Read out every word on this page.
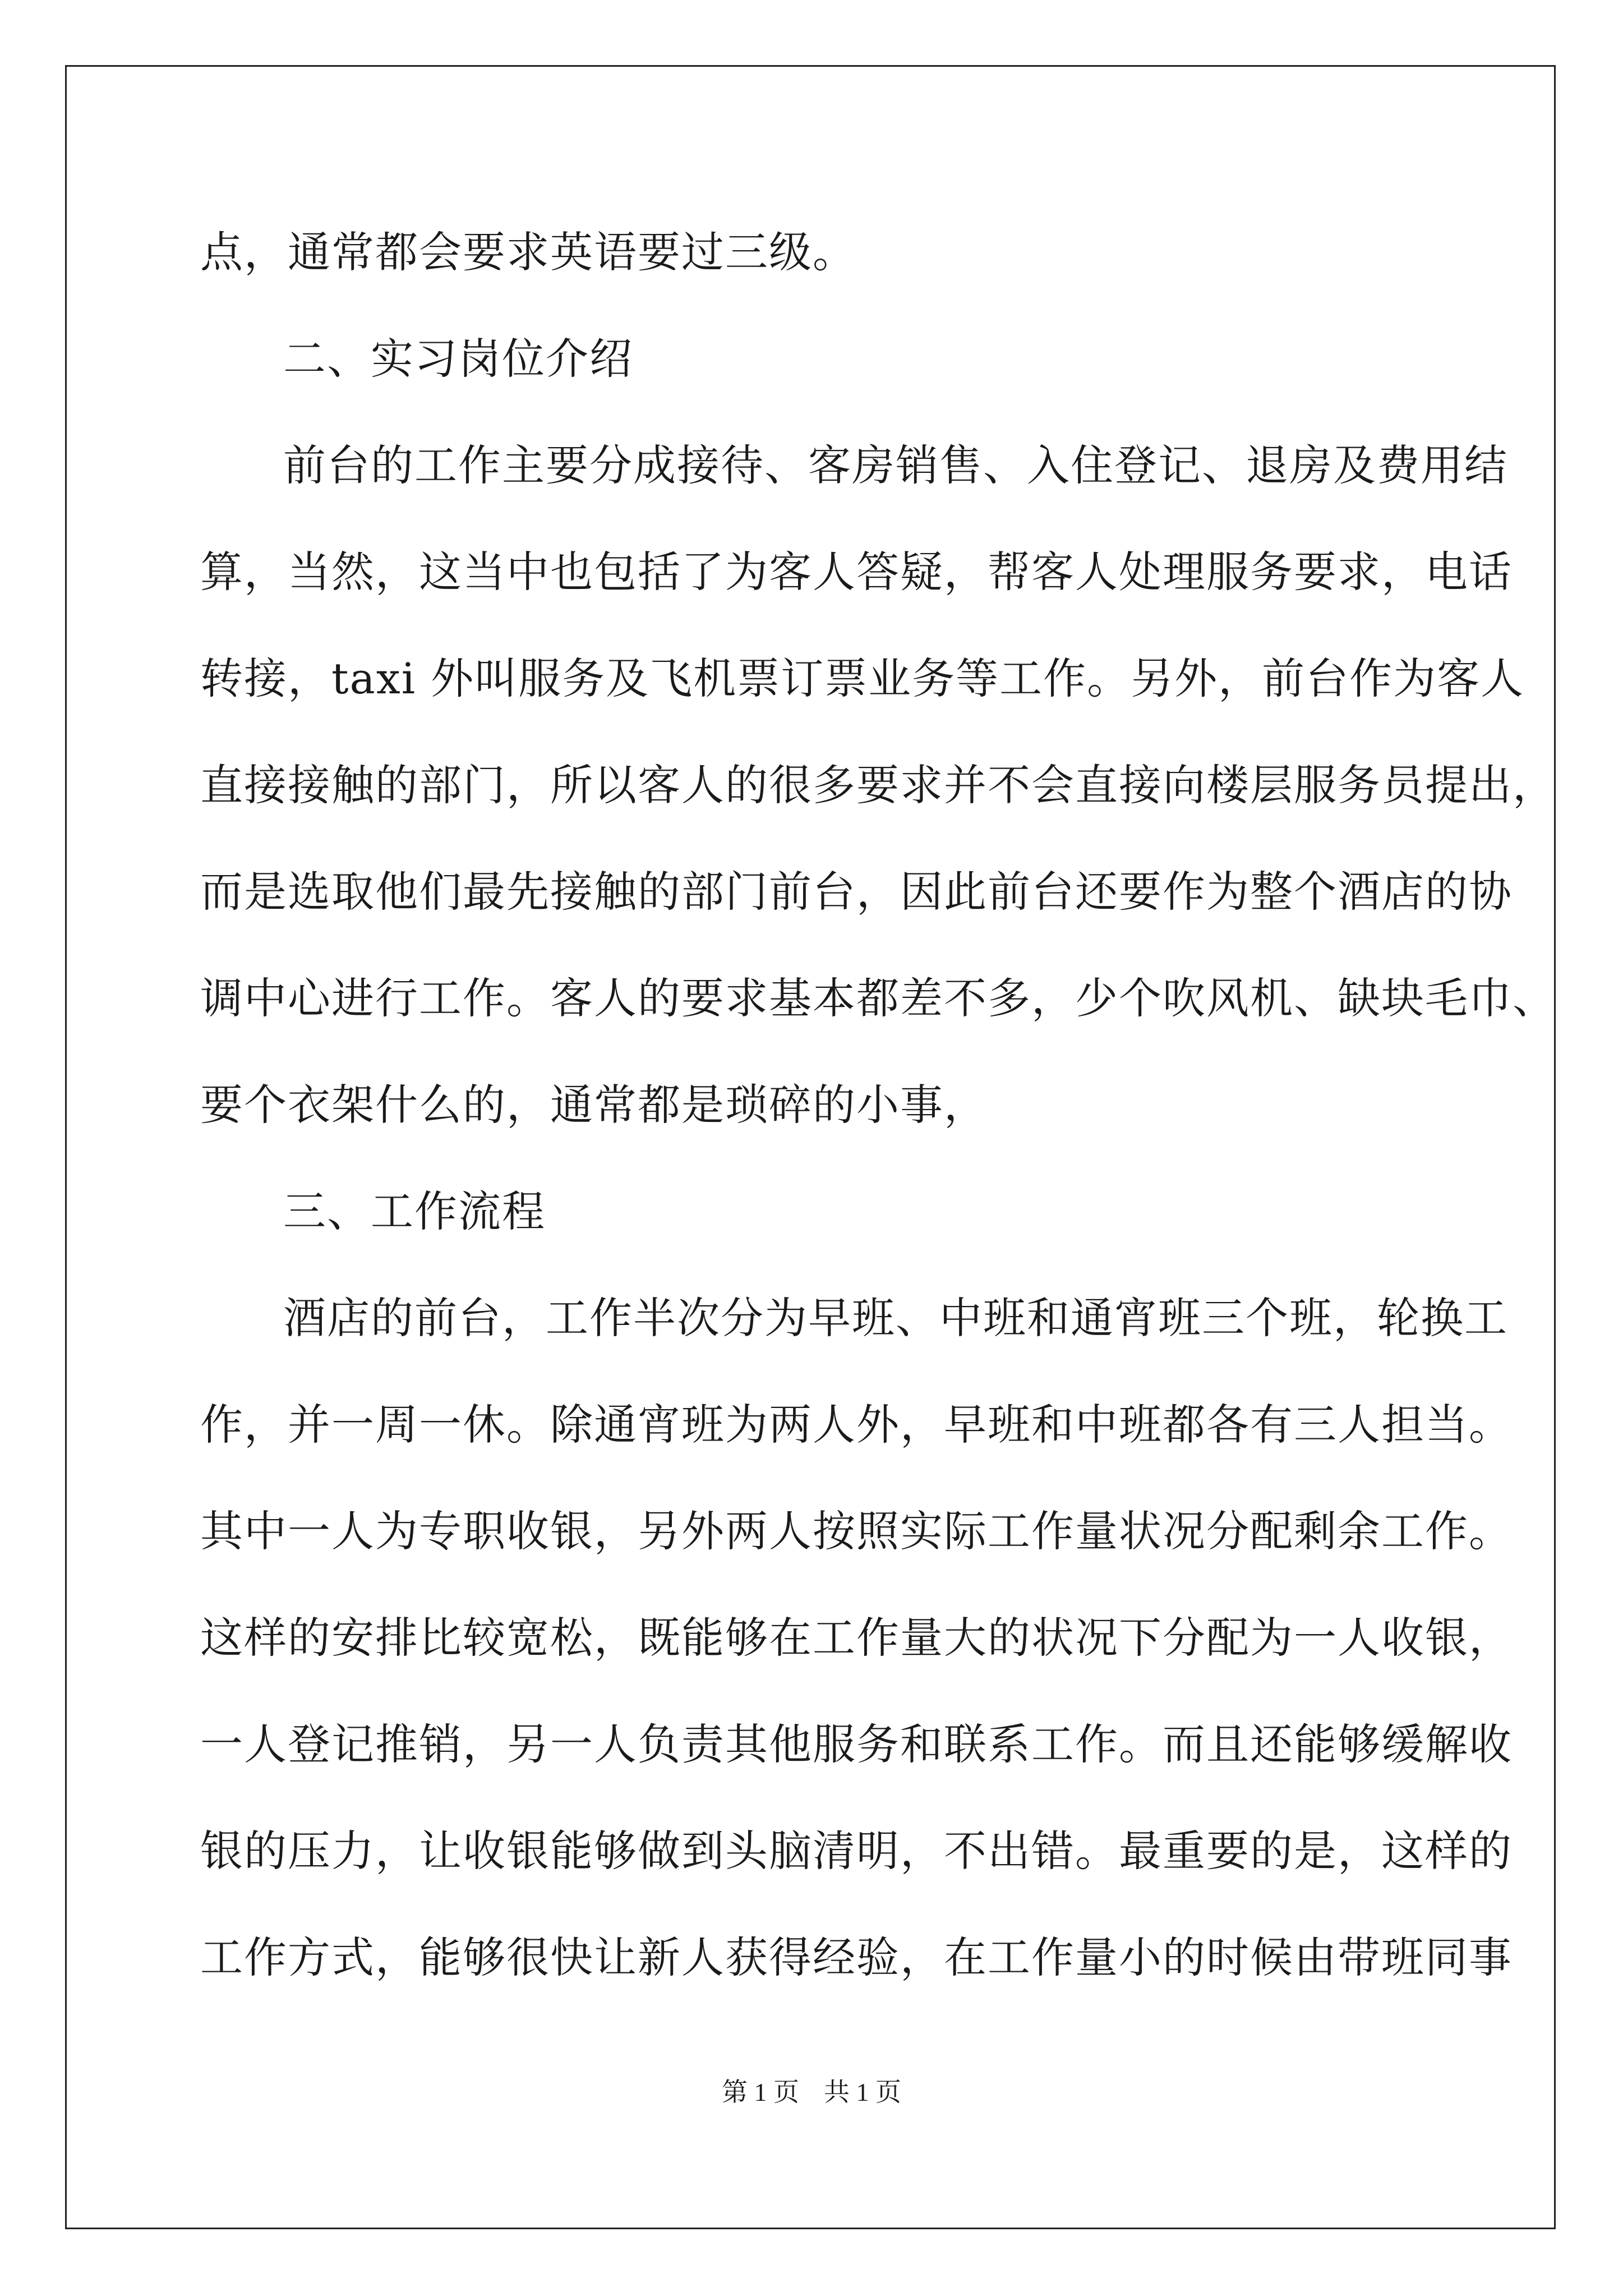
点，通常都会要求英语要过三级。
二、实习岗位介绍
前台的工作主要分成接待、客房销售、入住登记、退房及费用结
算，当然，这当中也包括了为客人答疑，帮客人处理服务要求，电话
转接，taxi 外叫服务及飞机票订票业务等工作。另外，前台作为客人
直接接触的部门，所以客人的很多要求并不会直接向楼层服务员提出，
而是选取他们最先接触的部门前台，因此前台还要作为整个酒店的协
调中心进行工作。客人的要求基本都差不多，少个吹风机、缺块毛巾、
要个衣架什么的，通常都是琐碎的小事，
三、工作流程
酒店的前台，工作半次分为早班、中班和通宵班三个班，轮换工
作，并一周一休。除通宵班为两人外，早班和中班都各有三人担当。
其中一人为专职收银，另外两人按照实际工作量状况分配剩余工作。
这样的安排比较宽松，既能够在工作量大的状况下分配为一人收银，
一人登记推销，另一人负责其他服务和联系工作。而且还能够缓解收
银的压力，让收银能够做到头脑清明，不出错。最重要的是，这样的
工作方式，能够很快让新人获得经验，在工作量小的时候由带班同事
第 1 页 共 1 页
